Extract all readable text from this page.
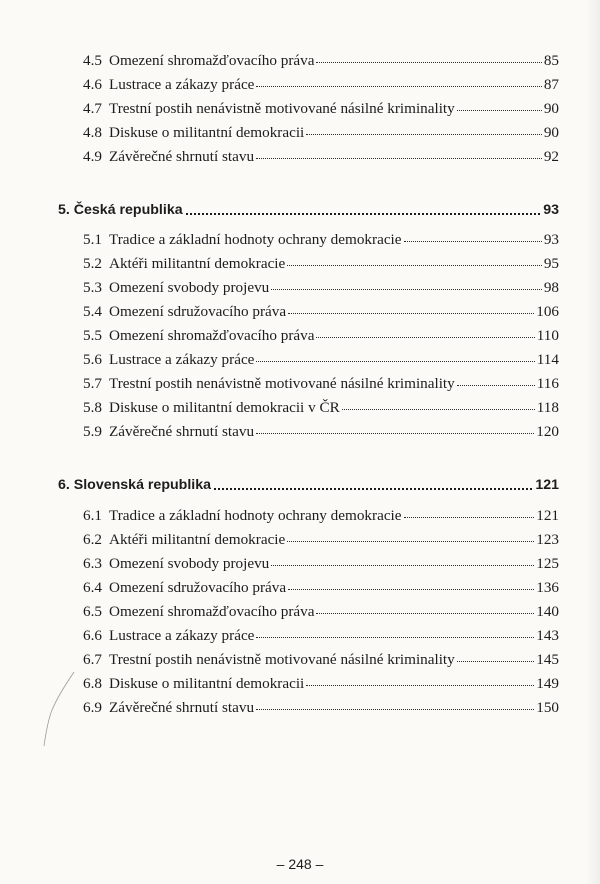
4.5 Omezení shromažďovacího práva	85
4.6 Lustrace a zákazy práce	87
4.7 Trestní postih nenávistně motivované násilné kriminality	90
4.8 Diskuse o militantní demokracii	90
4.9 Závěrečné shrnutí stavu	92
5. Česká republika	93
5.1 Tradice a základní hodnoty ochrany demokracie	93
5.2 Aktéři militantní demokracie	95
5.3 Omezení svobody projevu	98
5.4 Omezení sdružovacího práva	106
5.5 Omezení shromažďovacího práva	110
5.6 Lustrace a zákazy práce	114
5.7 Trestní postih nenávistně motivované násilné kriminality	116
5.8 Diskuse o militantní demokracii v ČR	118
5.9 Závěrečné shrnutí stavu	120
6. Slovenská republika	121
6.1 Tradice a základní hodnoty ochrany demokracie	121
6.2 Aktéři militantní demokracie	123
6.3 Omezení svobody projevu	125
6.4 Omezení sdružovacího práva	136
6.5 Omezení shromažďovacího práva	140
6.6 Lustrace a zákazy práce	143
6.7 Trestní postih nenávistně motivované násilné kriminality	145
6.8 Diskuse o militantní demokracii	149
6.9 Závěrečné shrnutí stavu	150
– 248 –
